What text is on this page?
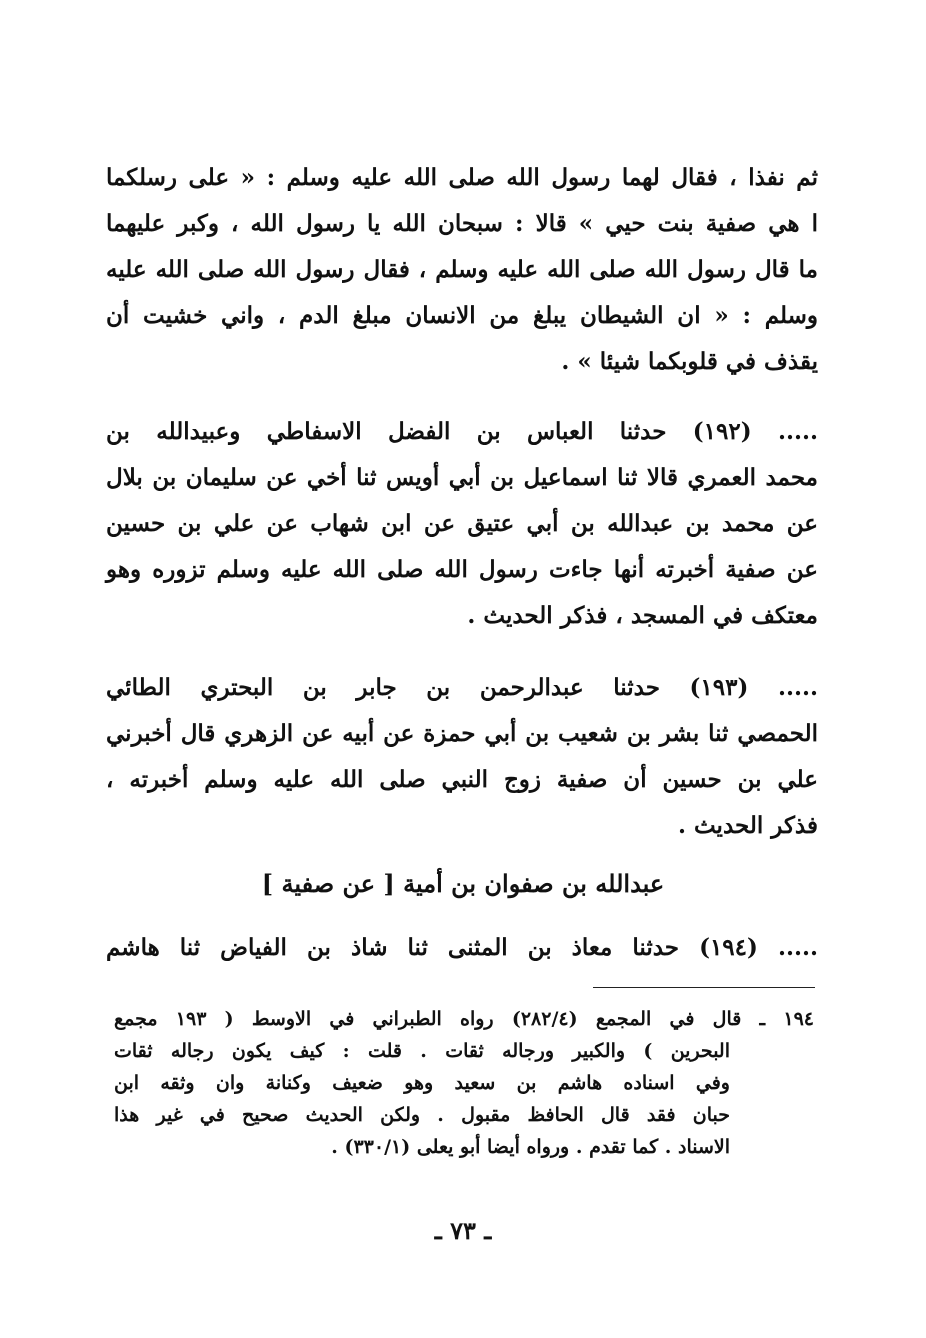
ثم نفذا ، فقال لهما رسول الله صلى الله عليه وسلم : « على رسلكما
ا هي صفية بنت حيي » قالا : سبحان الله يا رسول الله ، وكبر عليهما
ما قال رسول الله صلى الله عليه وسلم ، فقال رسول الله صلى الله عليه
وسلم : « ان الشيطان يبلغ من الانسان مبلغ الدم ، واني خشيت أن
يقذف في قلوبكما شيئا » .
..... (١٩٢) حدثنا العباس بن الفضل الاسفاطي وعبيدالله بن
محمد العمري قالا ثنا اسماعيل بن أبي أويس ثنا أخي عن سليمان بن بلال
عن محمد بن عبدالله بن أبي عتيق عن ابن شهاب عن علي بن حسين
عن صفية أخبرته أنها جاءت رسول الله صلى الله عليه وسلم تزوره وهو
معتكف في المسجد ، فذكر الحديث .
..... (١٩٣) حدثنا عبدالرحمن بن جابر بن البحتري الطائي
الحمصي ثنا بشر بن شعيب بن أبي حمزة عن أبيه عن الزهري قال أخبرني
علي بن حسين أن صفية زوج النبي صلى الله عليه وسلم أخبرته ،
فذكر الحديث .
عبدالله بن صفوان بن أمية [ عن صفية ]
..... (١٩٤) حدثنا معاذ بن المثنى ثنا شاذ بن الفياض ثنا هاشم
١٩٤ ـ قال في المجمع (٢٨٢/٤) رواه الطبراني في الاوسط ( ١٩٣ مجمع
البحرين ) والكبير ورجاله ثقات . قلت : كيف يكون رجاله ثقات
وفي اسناده هاشم بن سعيد وهو ضعيف وكنانة وان وثقه ابن
حبان فقد قال الحافظ مقبول . ولكن الحديث صحيح في غير هذا
الاسناد . كما تقدم . ورواه أيضا أبو يعلى (٣٣٠/١) .
ـ ٧٣ ـ
